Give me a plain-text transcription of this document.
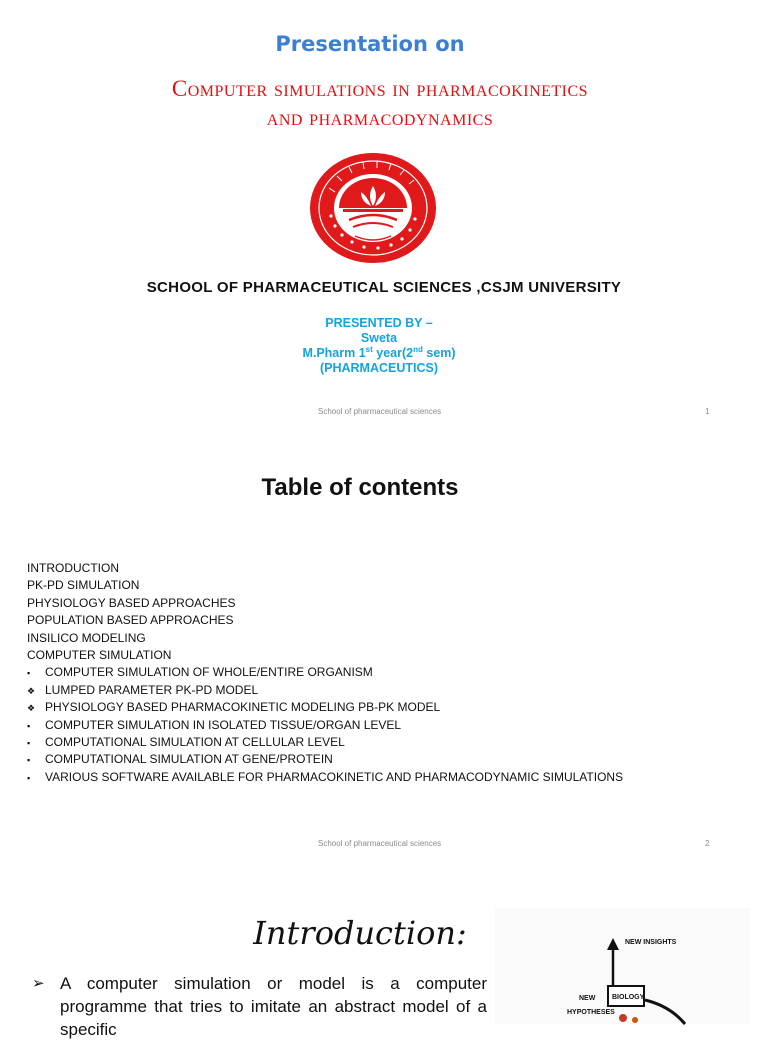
Presentation on
Computer simulations in pharmacokinetics
and pharmacodynamics
SCHOOL OF PHARMACEUTICAL SCIENCES ,CSJM UNIVERSITY
PRESENTED BY –
Sweta
M.Pharm 1st year(2nd sem)
(PHARMACEUTICS)
School of pharmaceutical sciences	1
Table of contents
INTRODUCTION
PK-PD SIMULATION
PHYSIOLOGY BASED APPROACHES
POPULATION BASED APPROACHES
INSILICO MODELING
COMPUTER SIMULATION
▪ COMPUTER SIMULATION OF WHOLE/ENTIRE ORGANISM
❖ LUMPED PARAMETER PK-PD MODEL
❖ PHYSIOLOGY BASED PHARMACOKINETIC MODELING PB-PK MODEL
▪ COMPUTER SIMULATION IN ISOLATED TISSUE/ORGAN LEVEL
▪ COMPUTATIONAL SIMULATION AT CELLULAR LEVEL
▪ COMPUTATIONAL SIMULATION AT GENE/PROTEIN
▪ VARIOUS SOFTWARE AVAILABLE FOR PHARMACOKINETIC AND PHARMACODYNAMIC SIMULATIONS
School of pharmaceutical sciences	2
Introduction:
➢ A computer simulation or model is a computer programme that tries to imitate an abstract model of a specific
NEW INSIGHTS
BIOLOGY
NEW
HYPOTHESES
